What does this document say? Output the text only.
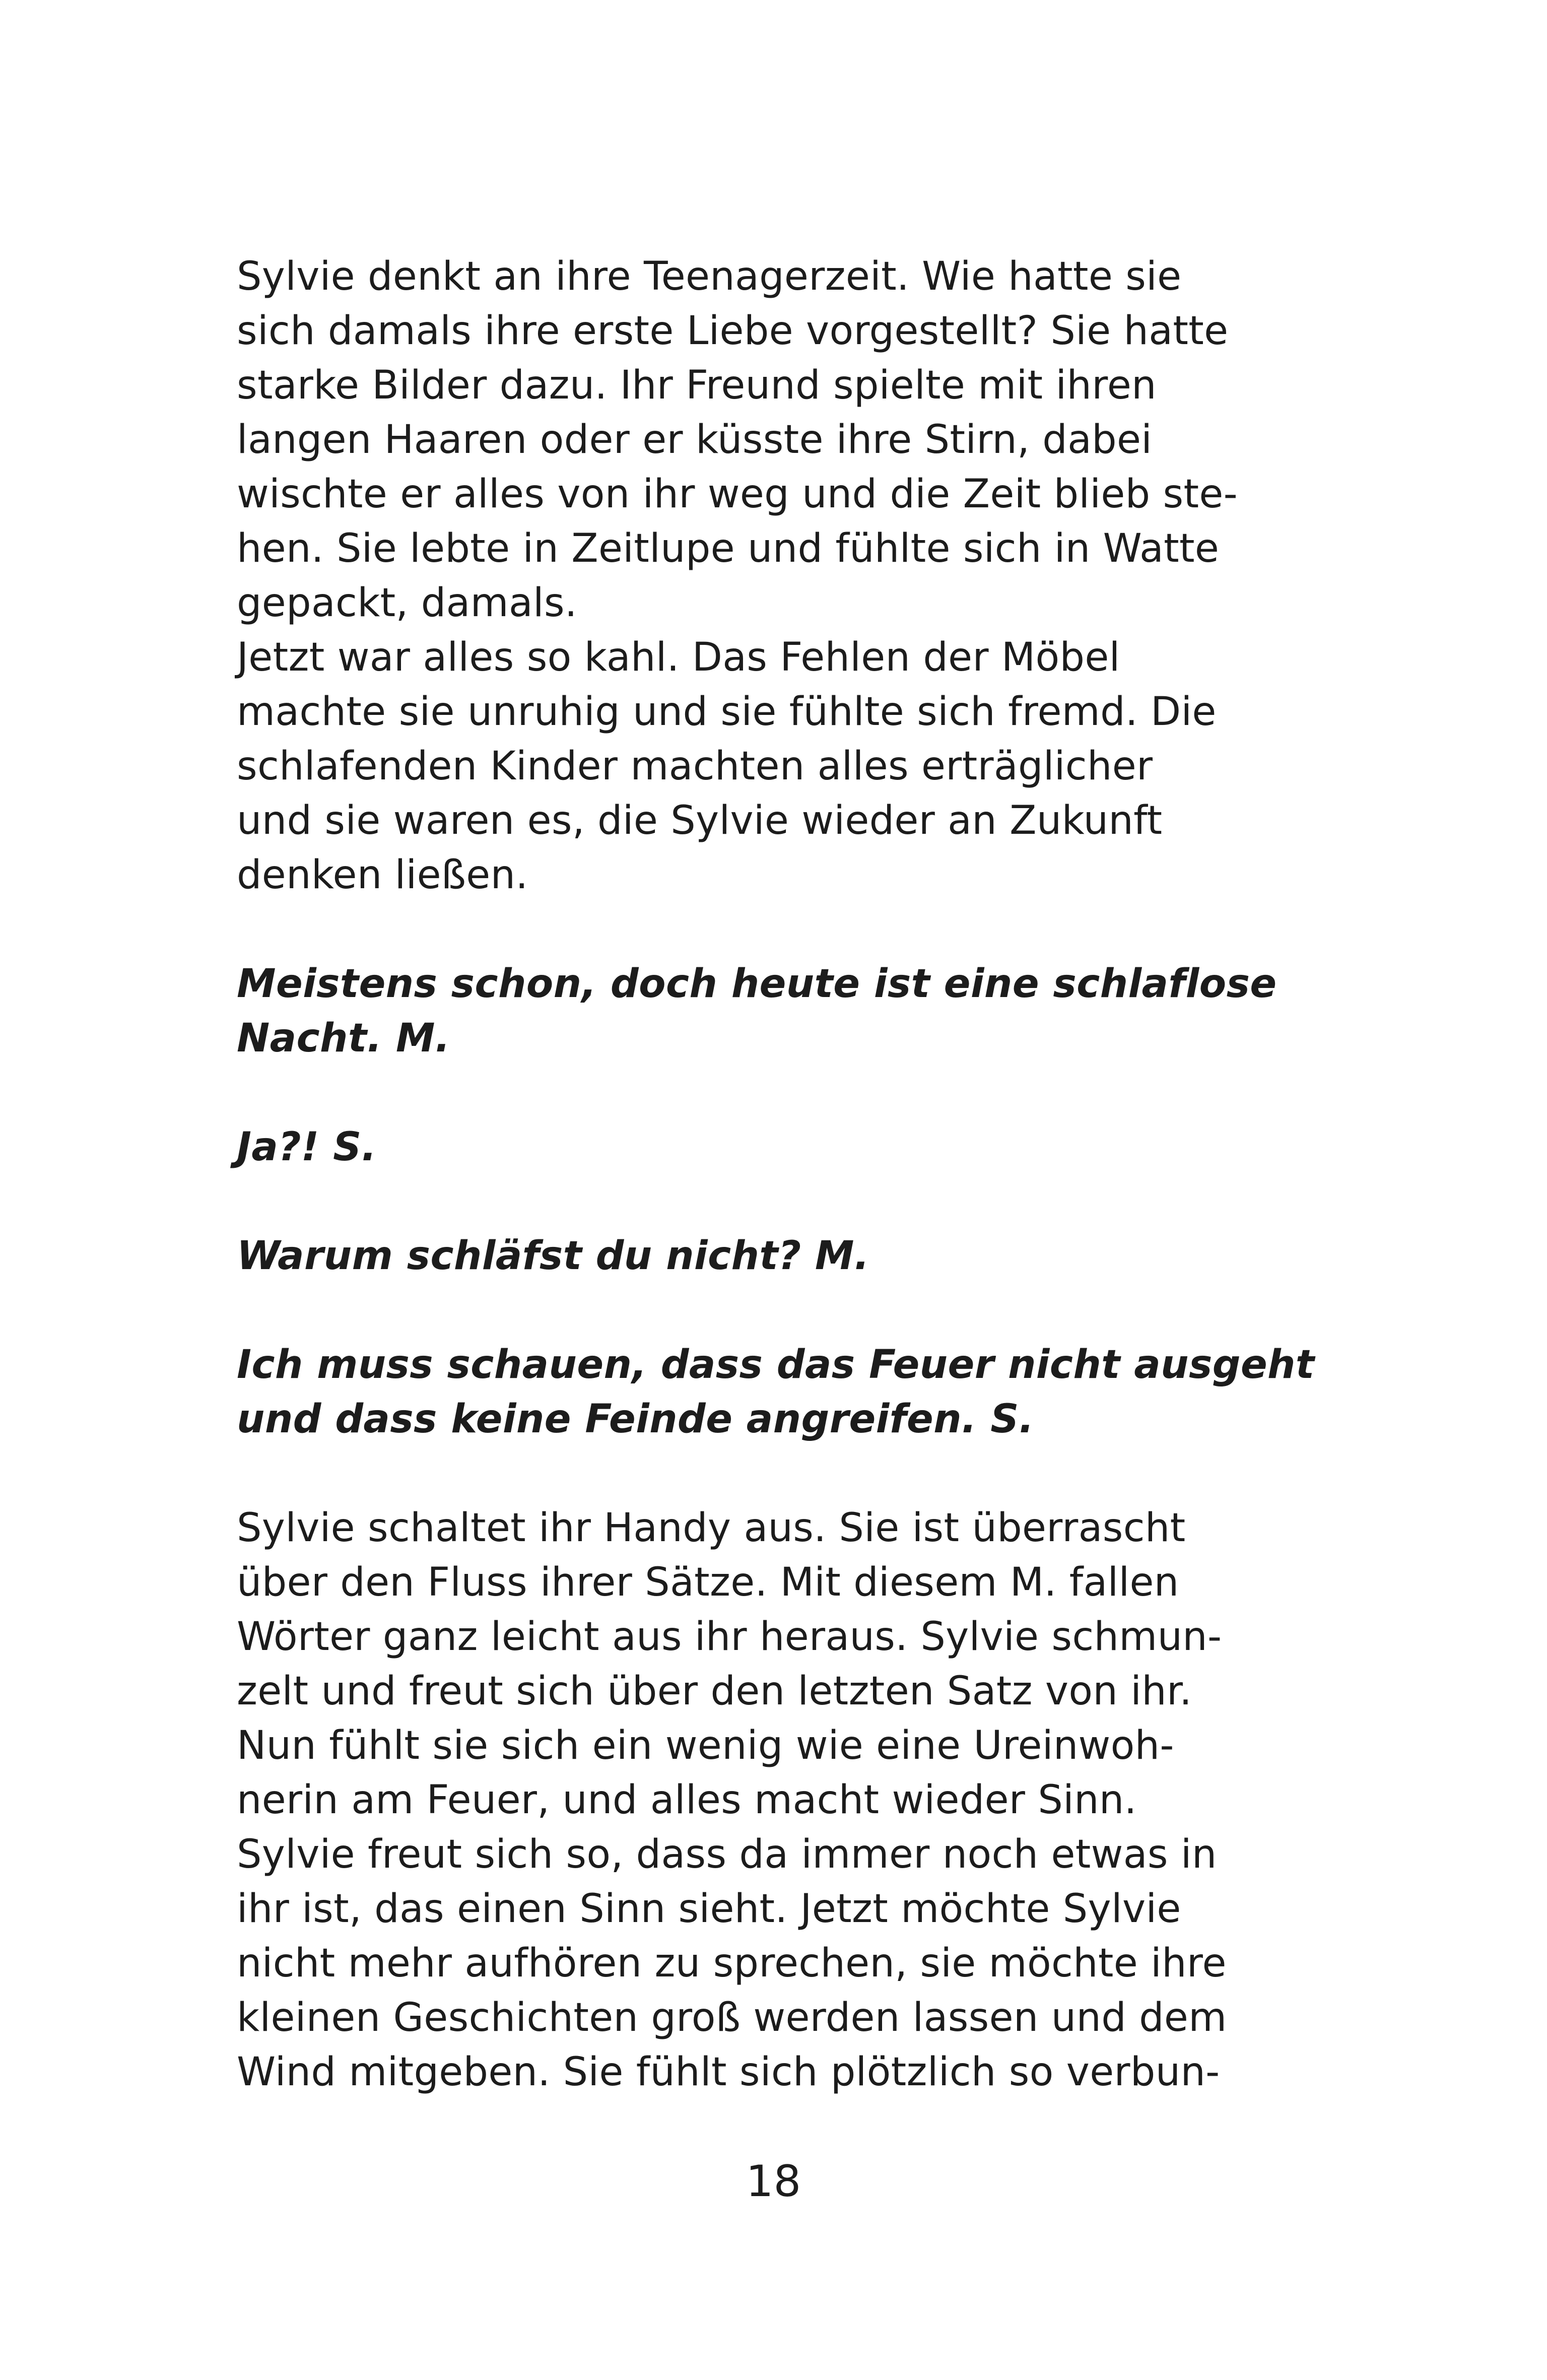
Sylvie denkt an ihre Teenagerzeit. Wie hatte sie
sich damals ihre erste Liebe vorgestellt? Sie hatte
starke Bilder dazu. Ihr Freund spielte mit ihren
langen Haaren oder er küsste ihre Stirn, dabei
wischte er alles von ihr weg und die Zeit blieb ste-
hen. Sie lebte in Zeitlupe und fühlte sich in Watte
gepackt, damals.
Jetzt war alles so kahl. Das Fehlen der Möbel
machte sie unruhig und sie fühlte sich fremd. Die
schlafenden Kinder machten alles erträglicher
und sie waren es, die Sylvie wieder an Zukunft
denken ließen.
Meistens schon, doch heute ist eine schlaflose
Nacht. M.
Ja?! S.
Warum schläfst du nicht? M.
Ich muss schauen, dass das Feuer nicht ausgeht
und dass keine Feinde angreifen. S.
Sylvie schaltet ihr Handy aus. Sie ist überrascht
über den Fluss ihrer Sätze. Mit diesem M. fallen
Wörter ganz leicht aus ihr heraus. Sylvie schmun-
zelt und freut sich über den letzten Satz von ihr.
Nun fühlt sie sich ein wenig wie eine Ureinwoh-
nerin am Feuer, und alles macht wieder Sinn.
Sylvie freut sich so, dass da immer noch etwas in
ihr ist, das einen Sinn sieht. Jetzt möchte Sylvie
nicht mehr aufhören zu sprechen, sie möchte ihre
kleinen Geschichten groß werden lassen und dem
Wind mitgeben. Sie fühlt sich plötzlich so verbun-
18
